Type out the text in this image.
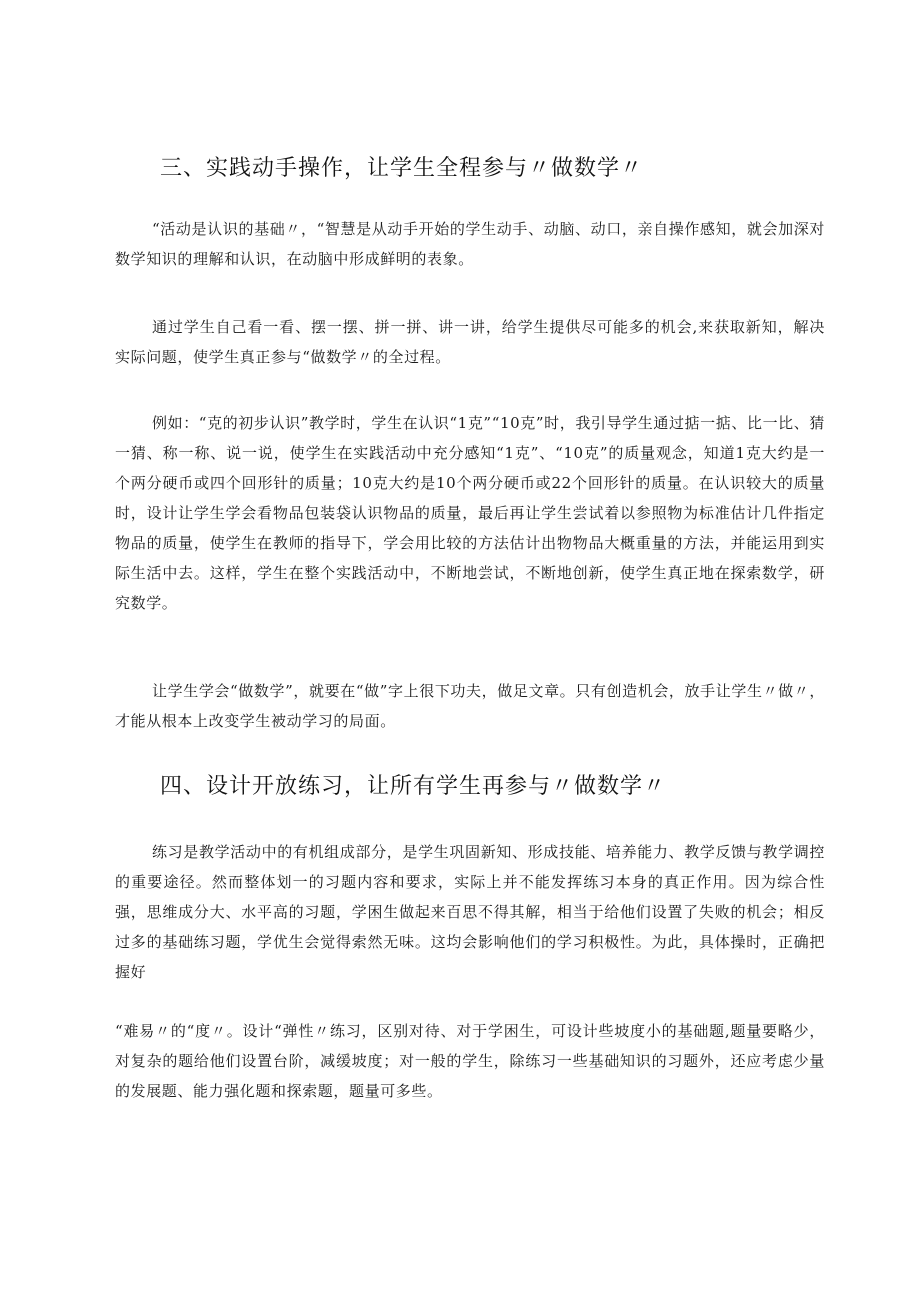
三、实践动手操作，让学生全程参与〃做数学〃

“活动是认识的基础〃，“智慧是从动手开始的学生动手、动脑、动口，亲自操作感知，就会加深对数学知识的理解和认识，在动脑中形成鲜明的表象。

通过学生自己看一看、摆一摆、拼一拼、讲一讲，给学生提供尽可能多的机会,来获取新知，解决实际问题，使学生真正参与“做数学〃的全过程。

例如：“克的初步认识”教学时，学生在认识“1克”“10克”时，我引导学生通过掂一掂、比一比、猜一猜、称一称、说一说，使学生在实践活动中充分感知“1克”、“10克”的质量观念，知道1克大约是一个两分硬币或四个回形针的质量；10克大约是10个两分硬币或22个回形针的质量。在认识较大的质量时，设计让学生学会看物品包装袋认识物品的质量，最后再让学生尝试着以参照物为标准估计几件指定物品的质量，使学生在教师的指导下，学会用比较的方法估计出物物品大概重量的方法，并能运用到实际生活中去。这样，学生在整个实践活动中，不断地尝试，不断地创新，使学生真正地在探索数学，研究数学。

让学生学会“做数学”，就要在“做”字上很下功夫，做足文章。只有创造机会，放手让学生〃做〃，才能从根本上改变学生被动学习的局面。

四、设计开放练习，让所有学生再参与〃做数学〃

练习是教学活动中的有机组成部分，是学生巩固新知、形成技能、培养能力、教学反馈与教学调控的重要途径。然而整体划一的习题内容和要求，实际上并不能发挥练习本身的真正作用。因为综合性强，思维成分大、水平高的习题，学困生做起来百思不得其解，相当于给他们设置了失败的机会；相反过多的基础练习题，学优生会觉得索然无味。这均会影响他们的学习积极性。为此，具体操时，正确把握好

“难易〃的“度〃。设计“弹性〃练习，区别对待、对于学困生，可设计些坡度小的基础题,题量要略少，对复杂的题给他们设置台阶，减缓坡度；对一般的学生，除练习一些基础知识的习题外，还应考虑少量的发展题、能力强化题和探索题，题量可多些。
